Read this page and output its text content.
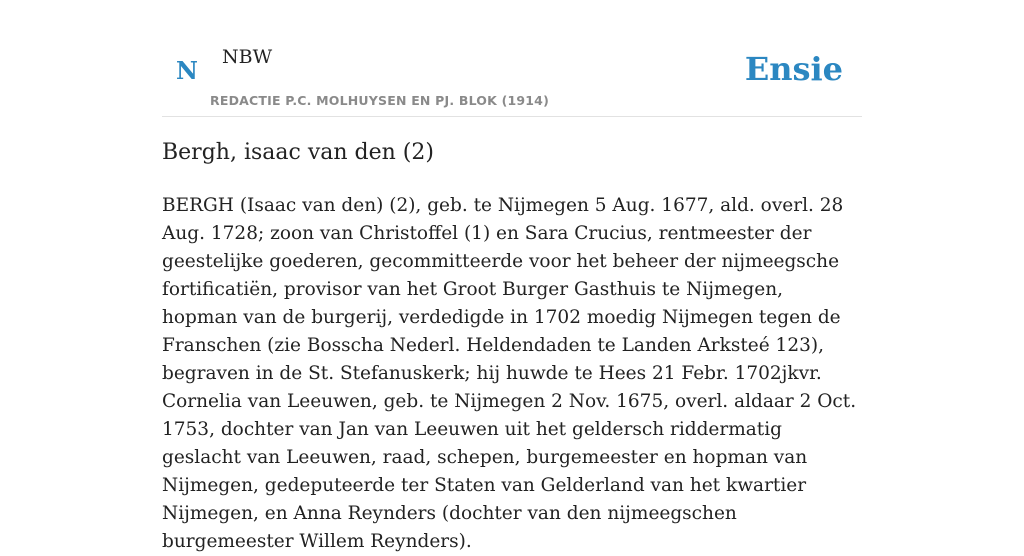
N NBW
REDACTIE P.C. MOLHUYSEN EN PJ. BLOK (1914)
Ensie
Bergh, isaac van den (2)

BERGH (Isaac van den) (2), geb. te Nijmegen 5 Aug. 1677, ald. overl. 28 Aug. 1728; zoon van Christoffel (1) en Sara Crucius, rentmeester der geestelijke goederen, gecommitteerde voor het beheer der nijmeegsche fortificatiën, provisor van het Groot Burger Gasthuis te Nijmegen, hopman van de burgerij, verdedigde in 1702 moedig Nijmegen tegen de Franschen (zie Bosscha Nederl. Heldendaden te Landen Arksteé 123), begraven in de St. Stefanuskerk; hij huwde te Hees 21 Febr. 1702jkvr. Cornelia van Leeuwen, geb. te Nijmegen 2 Nov. 1675, overl. aldaar 2 Oct. 1753, dochter van Jan van Leeuwen uit het geldersch riddermatig geslacht van Leeuwen, raad, schepen, burgemeester en hopman van Nijmegen, gedeputeerde ter Staten van Gelderland van het kwartier Nijmegen, en Anna Reynders (dochter van den nijmeegschen burgemeester Willem Reynders).
